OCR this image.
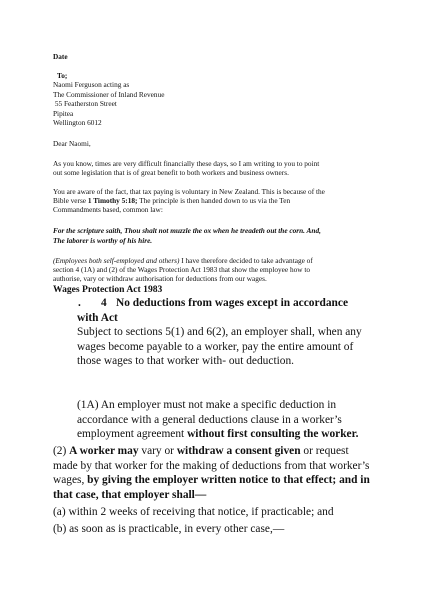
Date
To;
Naomi Ferguson acting as
The Commissioner of Inland Revenue
55 Featherston Street
Pipitea
Wellington 6012
Dear Naomi,
As you know, times are very difficult financially these days, so I am writing to you to point
out some legislation that is of great benefit to both workers and business owners.
You are aware of the fact, that tax paying is voluntary in New Zealand. This is because of the
Bible verse 1 Timothy 5:18; The principle is then handed down to us via the Ten
Commandments based, common law:
For the scripture saith, Thou shalt not muzzle the ox when he treadeth out the corn. And,
The laborer is worthy of his hire.
(Employees both self-employed and others) I have therefore decided to take advantage of
section 4 (1A) and (2) of the Wages Protection Act 1983 that show the employee how to
authorise, vary or withdraw authorisation for deductions from our wages.
Wages Protection Act 1983
. 4 No deductions from wages except in accordance
with Act
Subject to sections 5(1) and 6(2), an employer shall, when any
wages become payable to a worker, pay the entire amount of
those wages to that worker with- out deduction.
(1A) An employer must not make a specific deduction in
accordance with a general deductions clause in a worker’s
employment agreement without first consulting the worker.
(2) A worker may vary or withdraw a consent given or request
made by that worker for the making of deductions from that worker’s
wages, by giving the employer written notice to that effect; and in
that case, that employer shall—
(a) within 2 weeks of receiving that notice, if practicable; and
(b) as soon as is practicable, in every other case,—
